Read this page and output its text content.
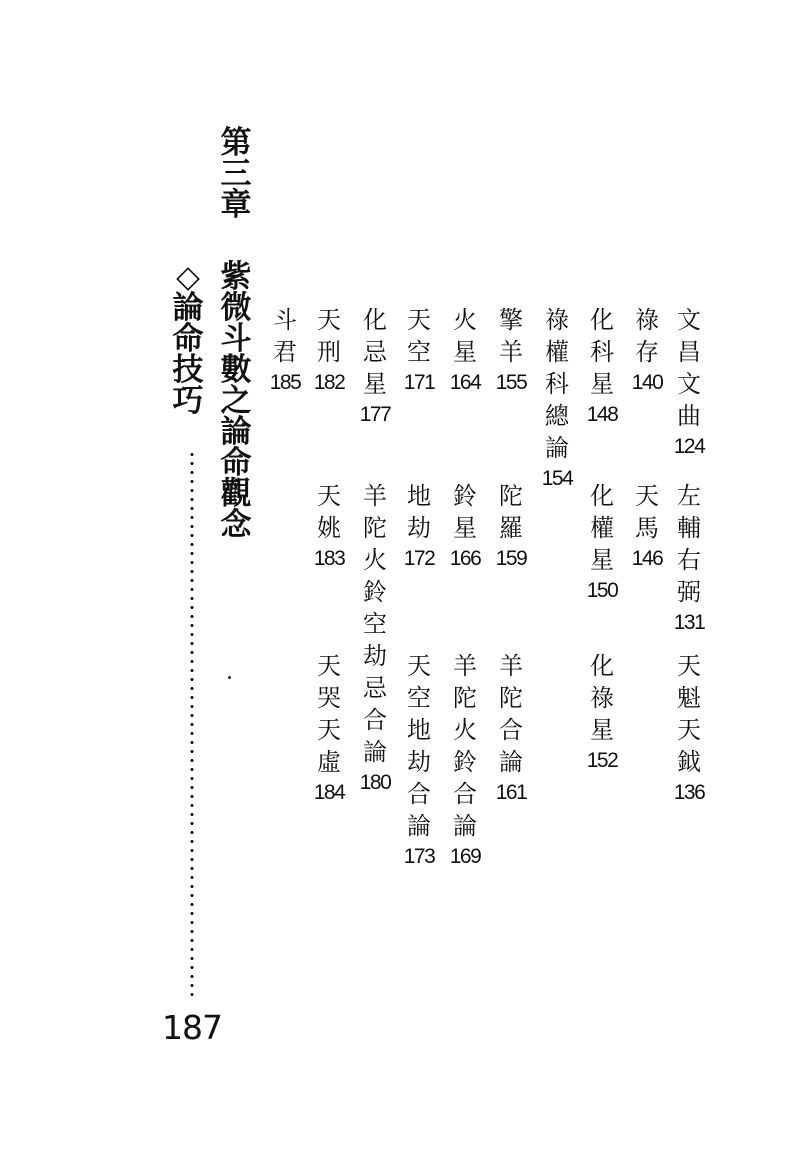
第
三
章
紫
微
斗
數
之
論
命
觀
念
◇
論
命
技
巧
文
昌
文
曲
124
祿
存
140
化
科
星
148
祿
權
科
總
論
154
擎
羊
155
火
星
164
天
空
171
化
忌
星
177
天
刑
182
斗
君
185
左
輔
右
弼
131
天
馬
146
化
權
星
150
陀
羅
159
鈴
星
166
地
劫
172
羊
陀
火
鈴
空
劫
忌
合
論
180
天
姚
183
天
魁
天
鉞
136
化
祿
星
152
羊
陀
合
論
161
羊
陀
火
鈴
合
論
169
天
空
地
劫
合
論
173
天
哭
天
虛
184
187
